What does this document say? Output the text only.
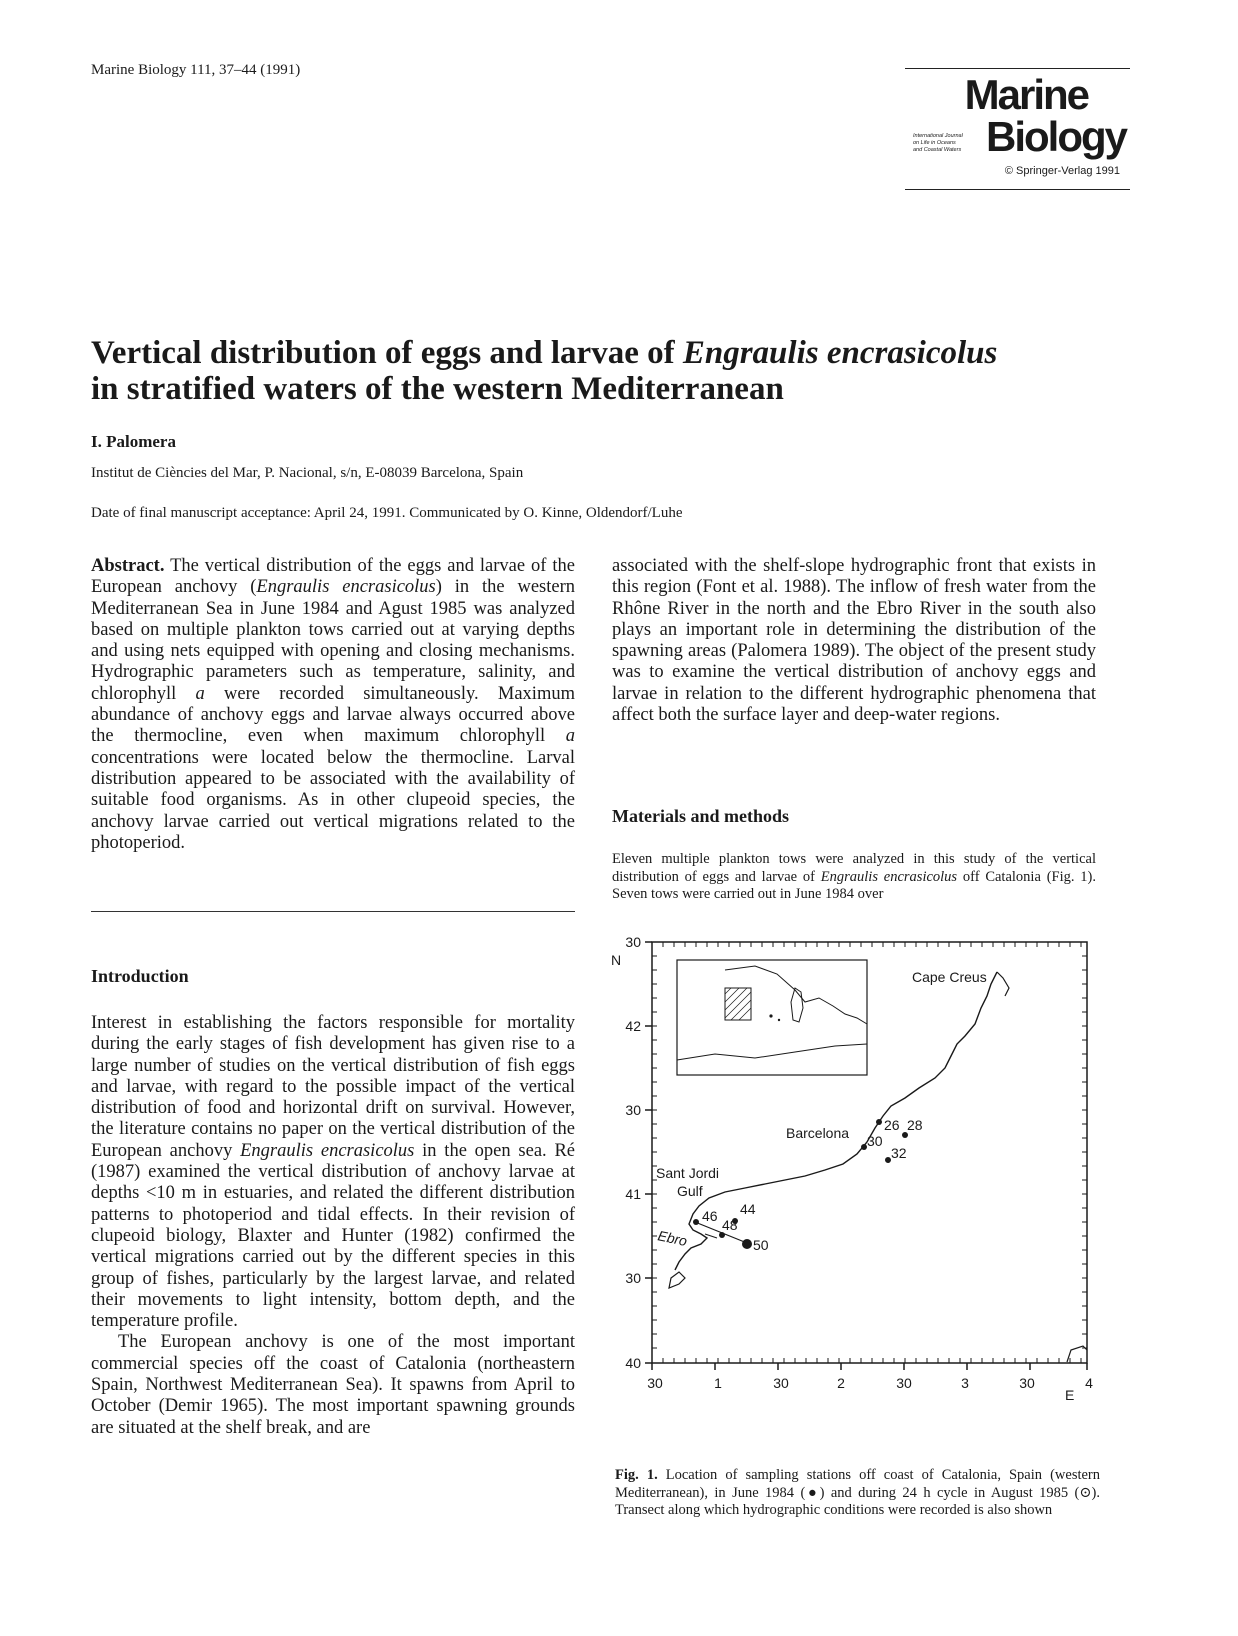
Marine Biology 111, 37–44 (1991)
Marine
Biology
International Journal
on Life in Oceans
and Coastal Waters
© Springer-Verlag 1991
Vertical distribution of eggs and larvae of Engraulis encrasicolus
in stratified waters of the western Mediterranean
I. Palomera
Institut de Ciències del Mar, P. Nacional, s/n, E-08039 Barcelona, Spain
Date of final manuscript acceptance: April 24, 1991. Communicated by O. Kinne, Oldendorf/Luhe

Abstract. The vertical distribution of the eggs and larvae of the European anchovy (Engraulis encrasicolus) in the western Mediterranean Sea in June 1984 and Agust 1985 was analyzed based on multiple plankton tows carried out at varying depths and using nets equipped with opening and closing mechanisms. Hydrographic parameters such as temperature, salinity, and chlorophyll a were recorded simultaneously. Maximum abundance of anchovy eggs and larvae always occurred above the thermocline, even when maximum chlorophyll a concentrations were located below the thermocline. Larval distribution appeared to be associated with the availability of suitable food organisms. As in other clupeoid species, the anchovy larvae carried out vertical migrations related to the photoperiod.

Introduction

Interest in establishing the factors responsible for mortality during the early stages of fish development has given rise to a large number of studies on the vertical distribution of fish eggs and larvae, with regard to the possible impact of the vertical distribution of food and horizontal drift on survival. However, the literature contains no paper on the vertical distribution of the European anchovy Engraulis encrasicolus in the open sea. Ré (1987) examined the vertical distribution of anchovy larvae at depths <10 m in estuaries, and related the different distribution patterns to photoperiod and tidal effects. In their revision of clupeoid biology, Blaxter and Hunter (1982) confirmed the vertical migrations carried out by the different species in this group of fishes, particularly by the largest larvae, and related their movements to light intensity, bottom depth, and the temperature profile.

The European anchovy is one of the most important commercial species off the coast of Catalonia (northeastern Spain, Northwest Mediterranean Sea). It spawns from April to October (Demir 1965). The most important spawning grounds are situated at the shelf break, and are

associated with the shelf-slope hydrographic front that exists in this region (Font et al. 1988). The inflow of fresh water from the Rhône River in the north and the Ebro River in the south also plays an important role in determining the distribution of the spawning areas (Palomera 1989). The object of the present study was to examine the vertical distribution of anchovy eggs and larvae in relation to the different hydrographic phenomena that affect both the surface layer and deep-water regions.
Materials and methods
Eleven multiple plankton tows were analyzed in this study of the vertical distribution of eggs and larvae of Engraulis encrasicolus off Catalonia (Fig. 1). Seven tows were carried out in June 1984 over
30
42
30
41
30
40
N
30	1	30	2	30	3	30	4
E
26 28
30
32
44
46
48
50
Cape Creus
Barcelona
Sant Jordi
Gulf
Ebro
Fig. 1. Location of sampling stations off coast of Catalonia, Spain (western Mediterranean), in June 1984 (●) and during 24 h cycle in August 1985 (⊙). Transect along which hydrographic conditions were recorded is also shown
